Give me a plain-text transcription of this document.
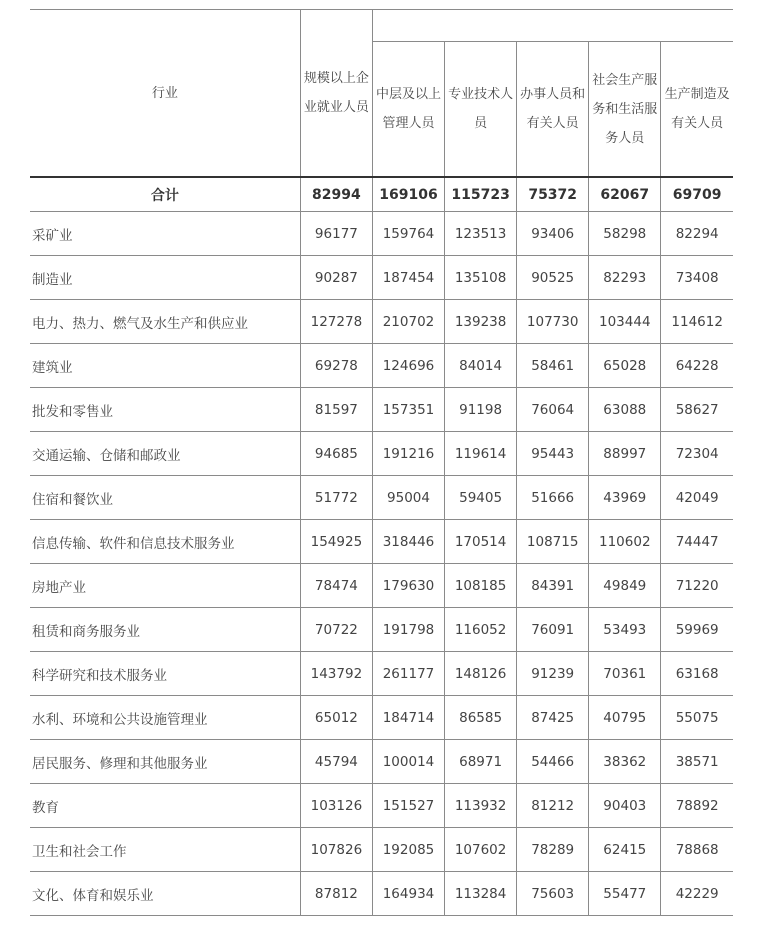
行业	规模以上企业就业人员					
		中层及以上管理人员	专业技术人员	办事人员和有关人员	社会生产服务和生活服务人员	生产制造及有关人员
合计	82994	169106	115723	75372	62067	69709
采矿业	96177	159764	123513	93406	58298	82294
制造业	90287	187454	135108	90525	82293	73408
电力、热力、燃气及水生产和供应业	127278	210702	139238	107730	103444	114612
建筑业	69278	124696	84014	58461	65028	64228
批发和零售业	81597	157351	91198	76064	63088	58627
交通运输、仓储和邮政业	94685	191216	119614	95443	88997	72304
住宿和餐饮业	51772	95004	59405	51666	43969	42049
信息传输、软件和信息技术服务业	154925	318446	170514	108715	110602	74447
房地产业	78474	179630	108185	84391	49849	71220
租赁和商务服务业	70722	191798	116052	76091	53493	59969
科学研究和技术服务业	143792	261177	148126	91239	70361	63168
水利、环境和公共设施管理业	65012	184714	86585	87425	40795	55075
居民服务、修理和其他服务业	45794	100014	68971	54466	38362	38571
教育	103126	151527	113932	81212	90403	78892
卫生和社会工作	107826	192085	107602	78289	62415	78868
文化、体育和娱乐业	87812	164934	113284	75603	55477	42229
